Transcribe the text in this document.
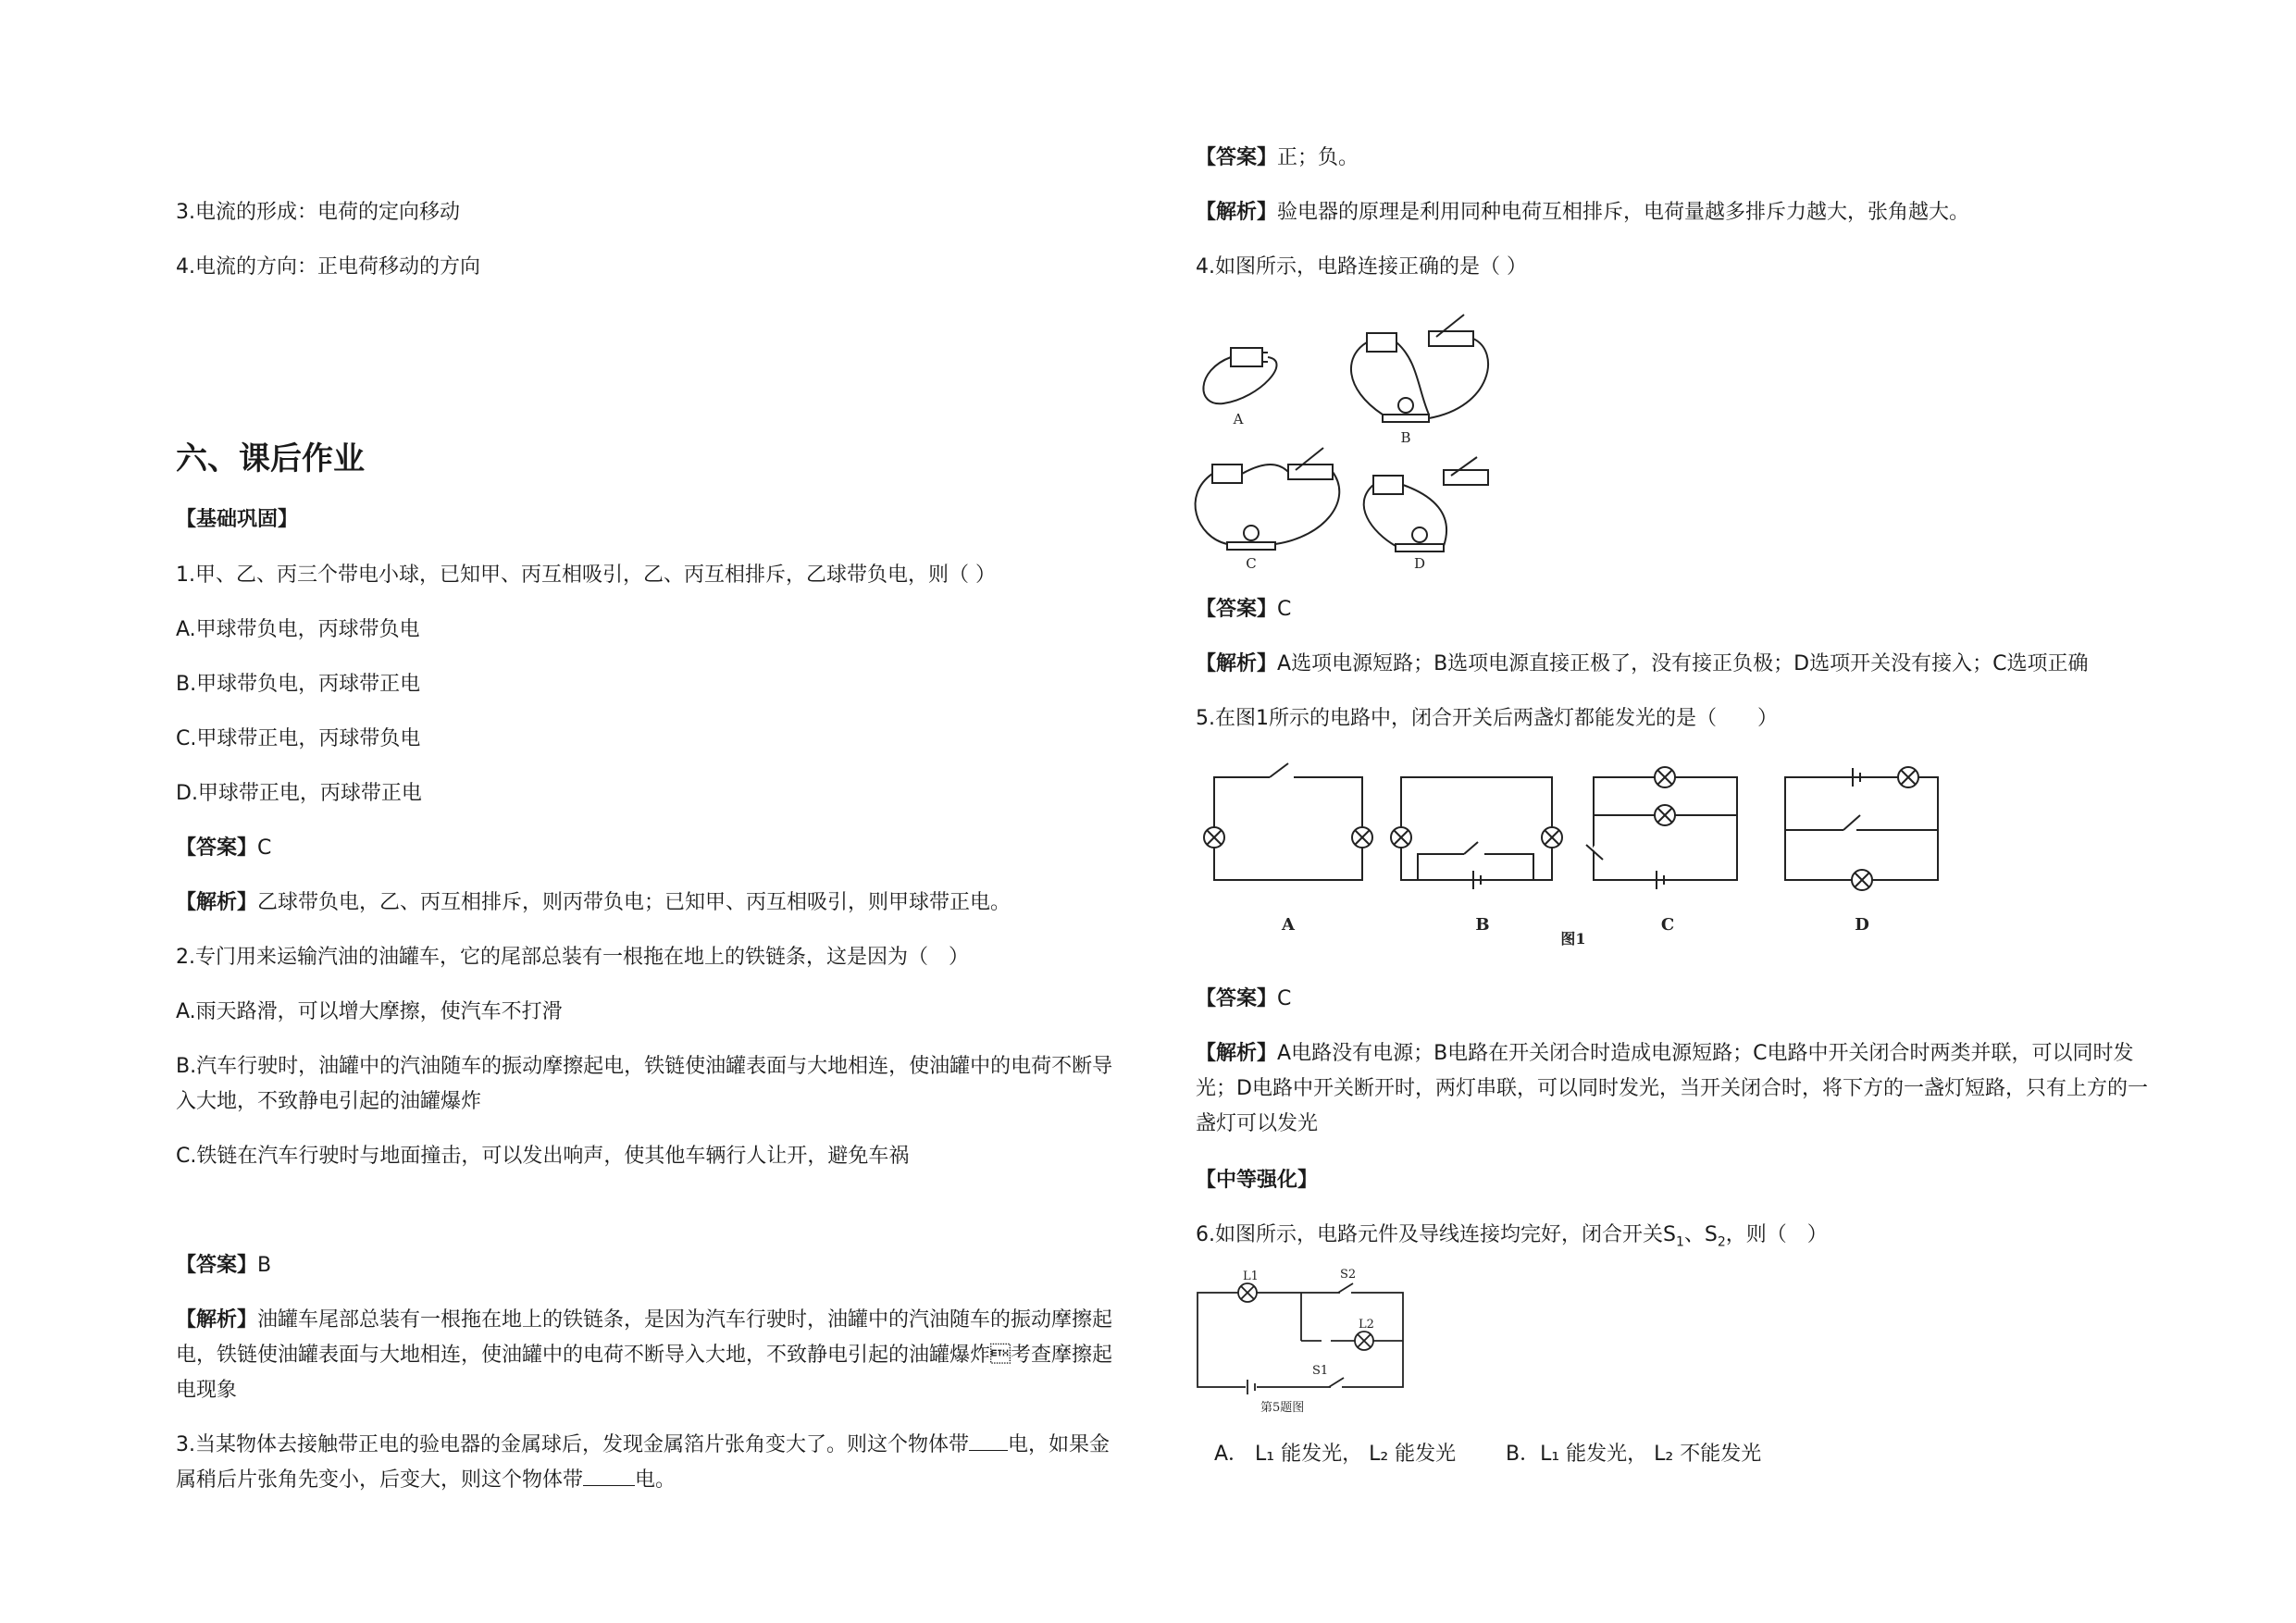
3.电流的形成：电荷的定向移动
4.电流的方向：正电荷移动的方向
六、课后作业
【基础巩固】
1.甲、乙、丙三个带电小球，已知甲、丙互相吸引，乙、丙互相排斥，乙球带负电，则（ ）
A.甲球带负电，丙球带负电
B.甲球带负电，丙球带正电
C.甲球带正电，丙球带负电
D.甲球带正电，丙球带正电
【答案】C
【解析】乙球带负电，乙、丙互相排斥，则丙带负电；已知甲、丙互相吸引，则甲球带正电。
2.专门用来运输汽油的油罐车，它的尾部总装有一根拖在地上的铁链条，这是因为（　）
A.雨天路滑，可以增大摩擦，使汽车不打滑
B.汽车行驶时，油罐中的汽油随车的振动摩擦起电，铁链使油罐表面与大地相连，使油罐中的电荷不断导入大地，不致静电引起的油罐爆炸
C.铁链在汽车行驶时与地面撞击，可以发出响声，使其他车辆行人让开，避免车祸
【答案】B
【解析】油罐车尾部总装有一根拖在地上的铁链条，是因为汽车行驶时，油罐中的汽油随车的振动摩擦起电，铁链使油罐表面与大地相连，使油罐中的电荷不断导入大地，不致静电引起的油罐爆炸考查摩擦起电现象
3.当某物体去接触带正电的验电器的金属球后，发现金属箔片张角变大了。则这个物体带 电，如果金属稍后片张角先变小，后变大，则这个物体带	电。
【答案】正；负。
【解析】验电器的原理是利用同种电荷互相排斥，电荷量越多排斥力越大，张角越大。
4.如图所示，电路连接正确的是（ ）
A
B
C	D
【答案】C
【解析】A选项电源短路；B选项电源直接正极了，没有接正负极；D选项开关没有接入；C选项正确
5.在图1所示的电路中，闭合开关后两盏灯都能发光的是（　　）
A	B	C	D
图1
【答案】C
【解析】A电路没有电源；B电路在开关闭合时造成电源短路；C电路中开关闭合时两类并联，可以同时发光；D电路中开关断开时，两灯串联，可以同时发光，当开关闭合时，将下方的一盏灯短路，只有上方的一盏灯可以发光
【中等强化】
6.如图所示，电路元件及导线连接均完好，闭合开关$S_1$、$S_2$，则（　）
L1	S2
L2
S1
第5题图
A． L₁ 能发光， L₂ 能发光 B．L₁ 能发光， L₂ 不能发光
